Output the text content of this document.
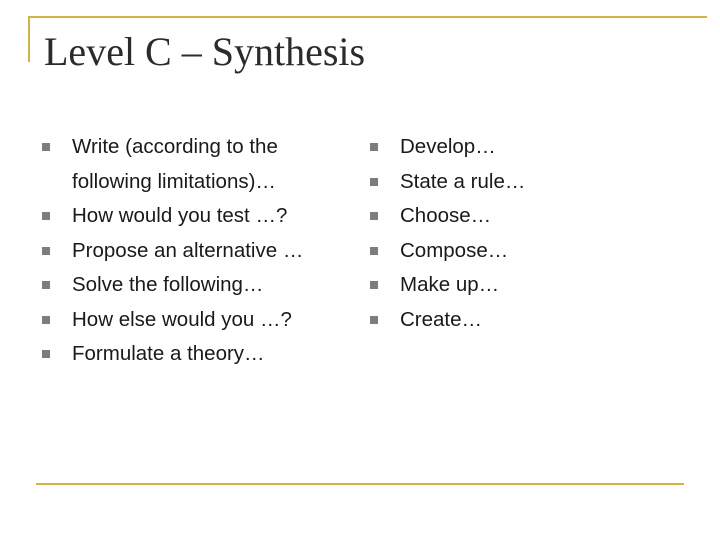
Level C – Synthesis
Write (according to the following limitations)…
How would you test …?
Propose an alternative …
Solve the following…
How else would you …?
Formulate a theory…
Develop…
State a rule…
Choose…
Compose…
Make up…
Create…
